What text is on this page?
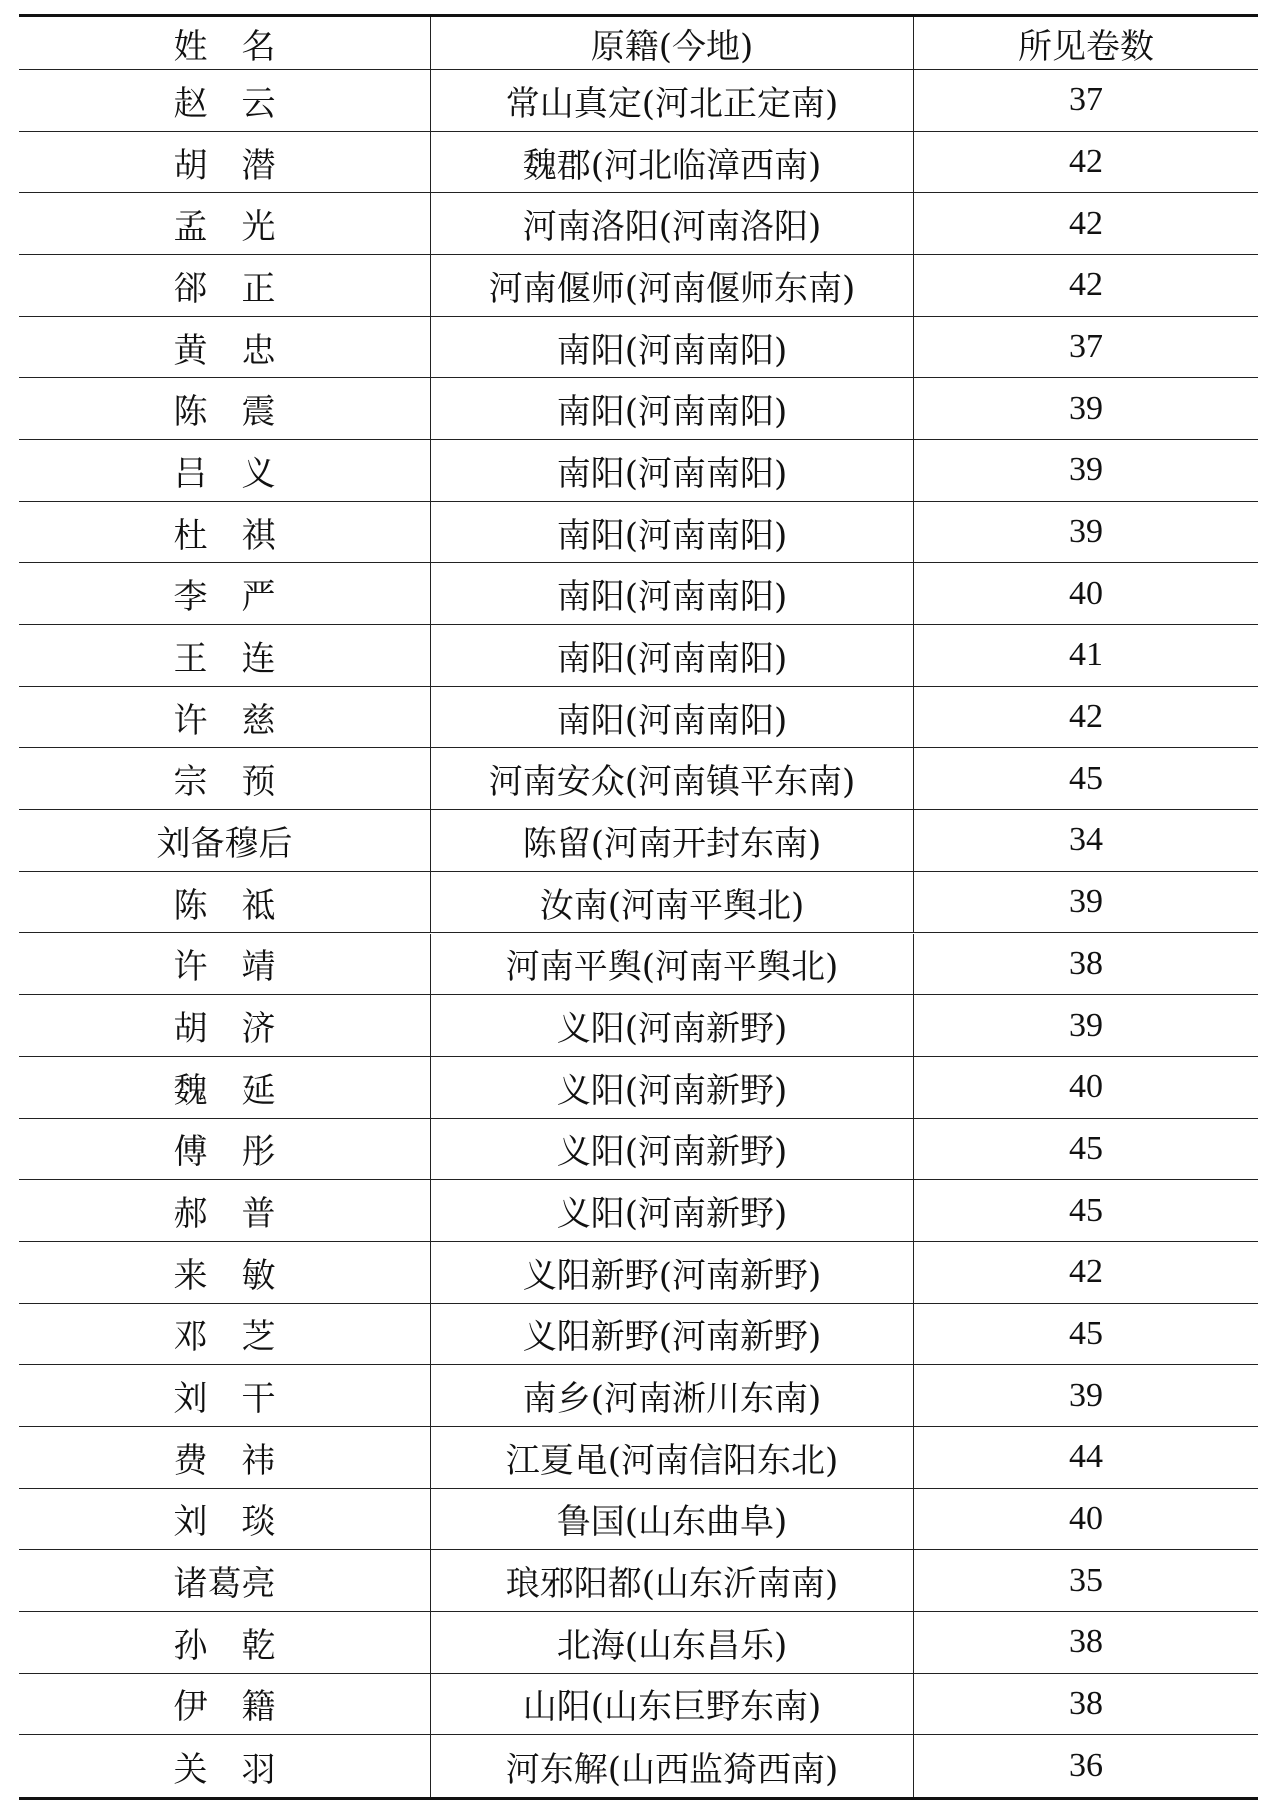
姓　名	原籍(今地)	所见卷数
赵　云	常山真定(河北正定南)	37
胡　潜	魏郡(河北临漳西南)	42
孟　光	河南洛阳(河南洛阳)	42
郤　正	河南偃师(河南偃师东南)	42
黄　忠	南阳(河南南阳)	37
陈　震	南阳(河南南阳)	39
吕　义	南阳(河南南阳)	39
杜　祺	南阳(河南南阳)	39
李　严	南阳(河南南阳)	40
王　连	南阳(河南南阳)	41
许　慈	南阳(河南南阳)	42
宗　预	河南安众(河南镇平东南)	45
刘备穆后	陈留(河南开封东南)	34
陈　祗	汝南(河南平舆北)	39
许　靖	河南平舆(河南平舆北)	38
胡　济	义阳(河南新野)	39
魏　延	义阳(河南新野)	40
傅　彤	义阳(河南新野)	45
郝　普	义阳(河南新野)	45
来　敏	义阳新野(河南新野)	42
邓　芝	义阳新野(河南新野)	45
刘　干	南乡(河南淅川东南)	39
费　祎	江夏黾(河南信阳东北)	44
刘　琰	鲁国(山东曲阜)	40
诸葛亮	琅邪阳都(山东沂南南)	35
孙　乾	北海(山东昌乐)	38
伊　籍	山阳(山东巨野东南)	38
关　羽	河东解(山西监猗西南)	36
